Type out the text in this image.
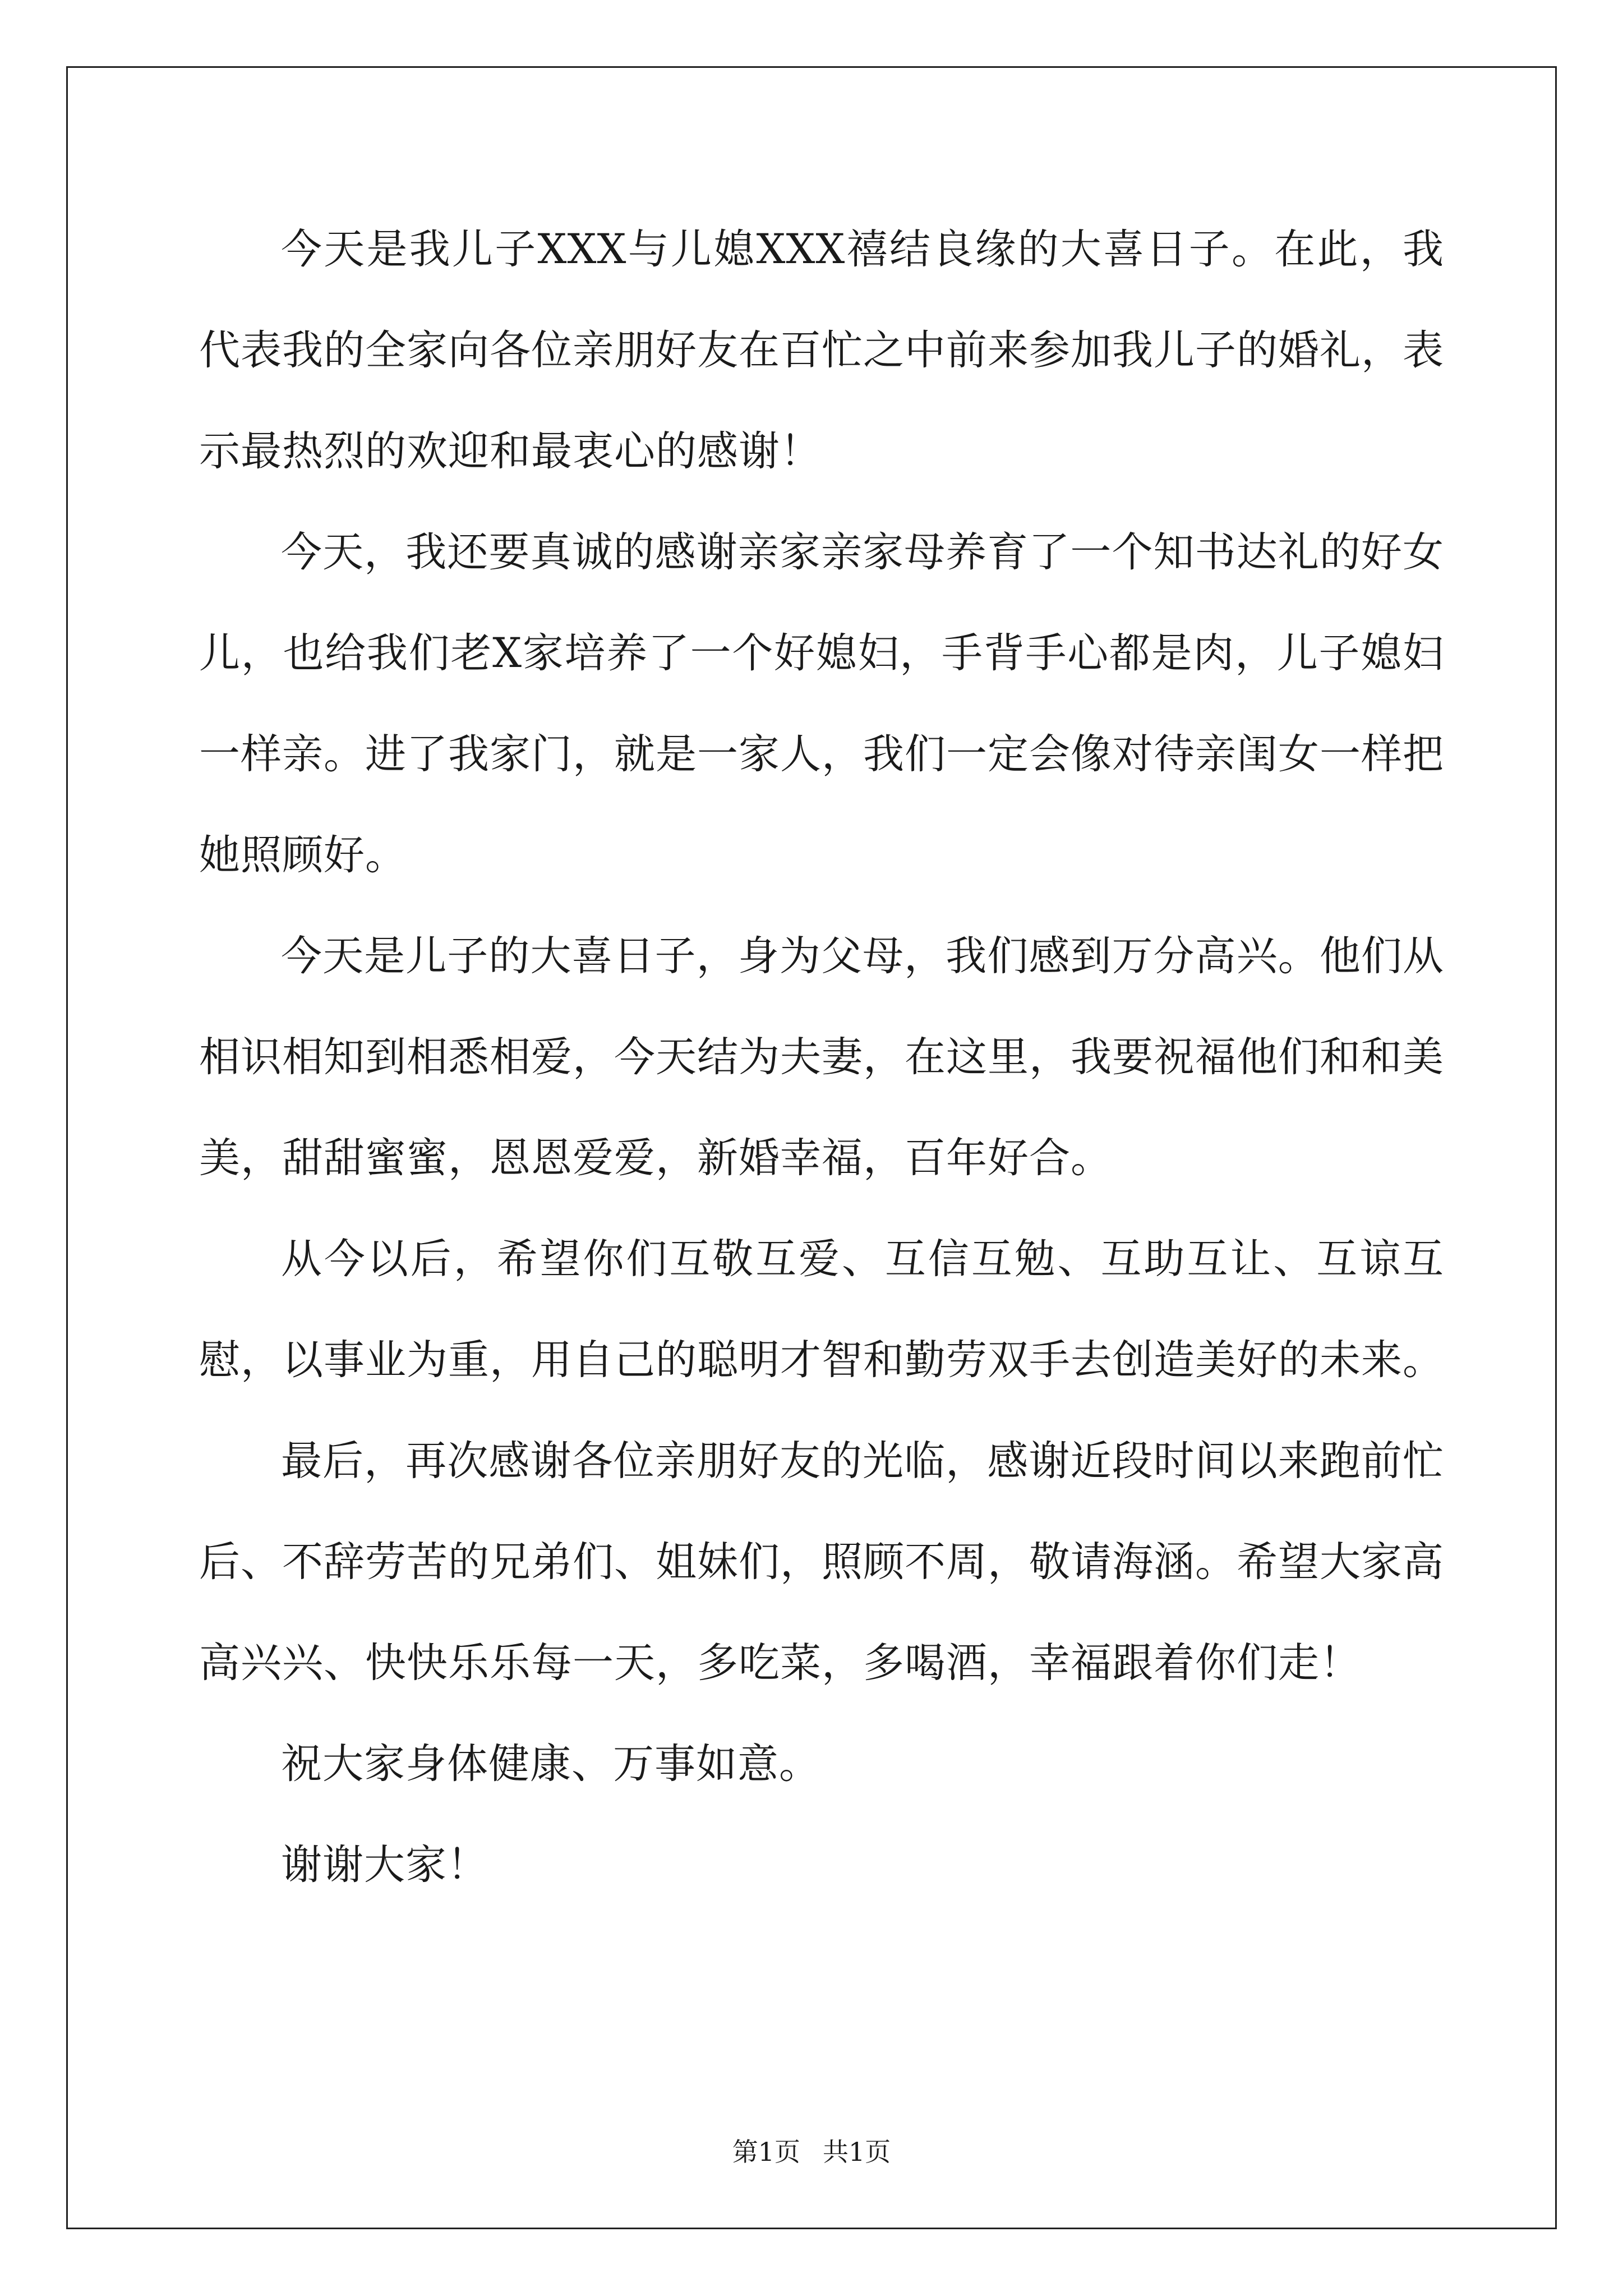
今天是我儿子XXX与儿媳XXX禧结良缘的大喜日子。在此，我代表我的全家向各位亲朋好友在百忙之中前来参加我儿子的婚礼，表示最热烈的欢迎和最衷心的感谢！

今天，我还要真诚的感谢亲家亲家母养育了一个知书达礼的好女儿，也给我们老X家培养了一个好媳妇，手背手心都是肉，儿子媳妇一样亲。进了我家门，就是一家人，我们一定会像对待亲闺女一样把她照顾好。

今天是儿子的大喜日子，身为父母，我们感到万分高兴。他们从相识相知到相悉相爱，今天结为夫妻，在这里，我要祝福他们和和美美，甜甜蜜蜜，恩恩爱爱，新婚幸福，百年好合。

从今以后，希望你们互敬互爱、互信互勉、互助互让、互谅互慰，以事业为重，用自己的聪明才智和勤劳双手去创造美好的未来。

最后，再次感谢各位亲朋好友的光临，感谢近段时间以来跑前忙后、不辞劳苦的兄弟们、姐妹们，照顾不周，敬请海涵。希望大家高高兴兴、快快乐乐每一天，多吃菜，多喝酒，幸福跟着你们走！

祝大家身体健康、万事如意。

谢谢大家！

第1页 共1页
